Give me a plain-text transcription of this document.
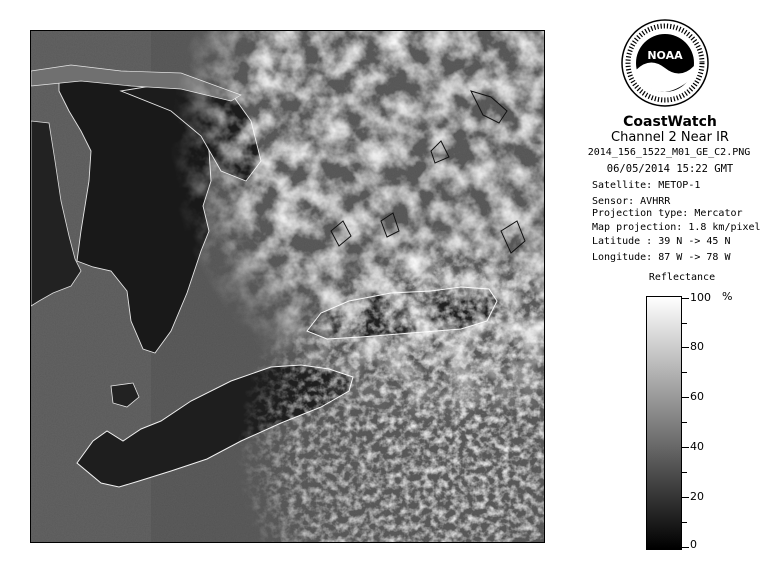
NOAA
CoastWatch
Channel 2 Near IR
2014_156_1522_M01_GE_C2.PNG
06/05/2014 15:22 GMT
Satellite: METOP-1
Sensor: AVHRR
Projection type: Mercator
Map projection: 1.8 km/pixel
Latitude : 39 N -> 45 N
Longitude: 87 W -> 78 W
Reflectance
%
100
80
60
40
20
0
